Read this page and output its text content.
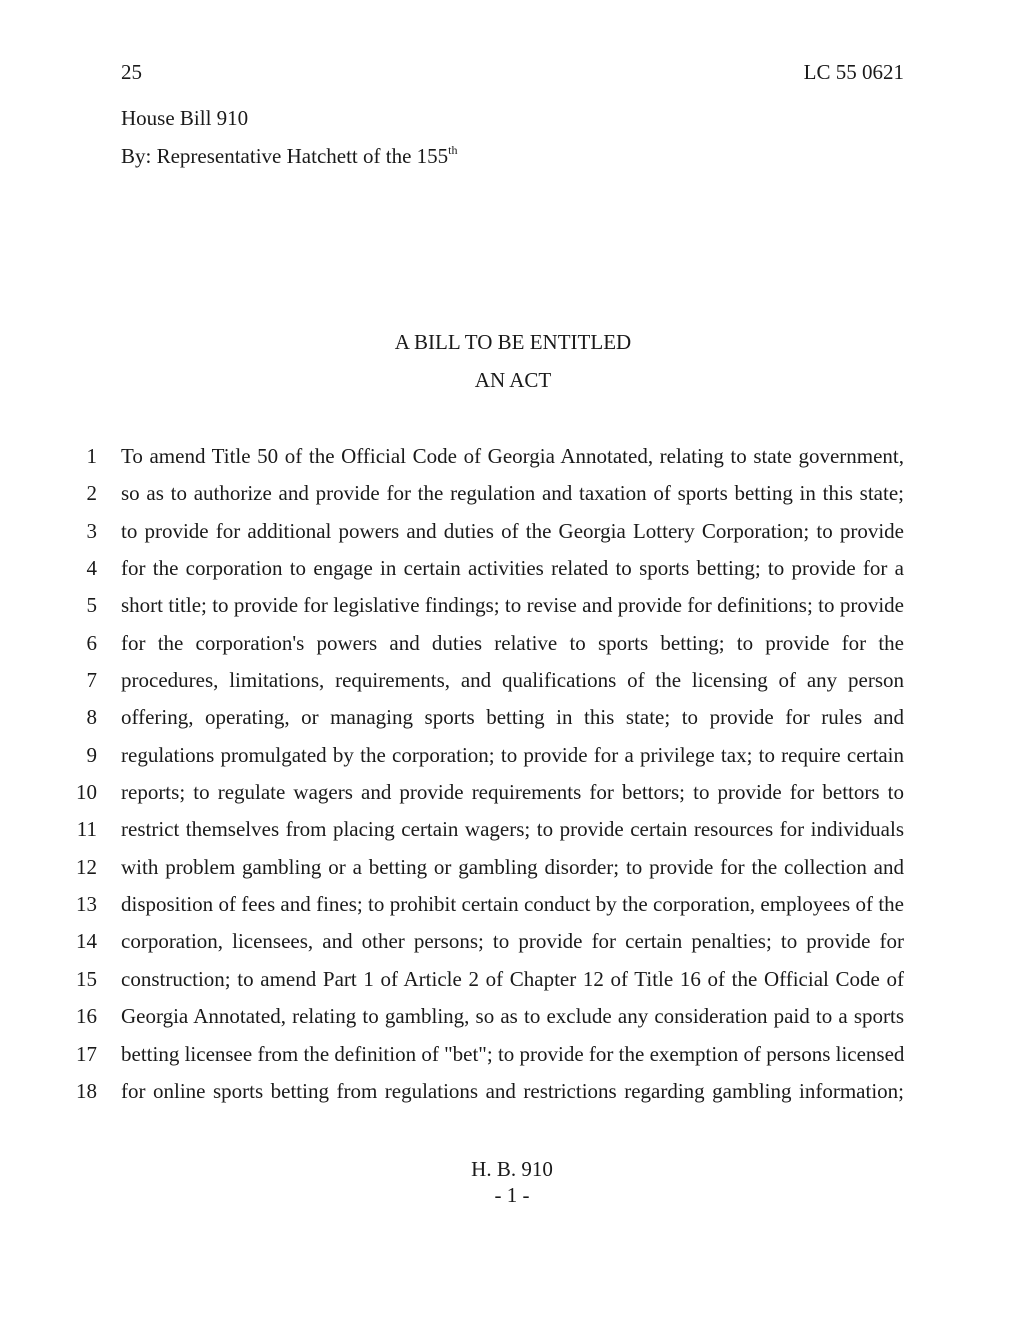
25	LC 55 0621
House Bill 910
By: Representative Hatchett of the 155th
A BILL TO BE ENTITLED
AN ACT
1 To amend Title 50 of the Official Code of Georgia Annotated, relating to state government,
2 so as to authorize and provide for the regulation and taxation of sports betting in this state;
3 to provide for additional powers and duties of the Georgia Lottery Corporation; to provide
4 for the corporation to engage in certain activities related to sports betting; to provide for a
5 short title; to provide for legislative findings; to revise and provide for definitions; to provide
6 for the corporation's powers and duties relative to sports betting; to provide for the
7 procedures, limitations, requirements, and qualifications of the licensing of any person
8 offering, operating, or managing sports betting in this state; to provide for rules and
9 regulations promulgated by the corporation; to provide for a privilege tax; to require certain
10 reports; to regulate wagers and provide requirements for bettors; to provide for bettors to
11 restrict themselves from placing certain wagers; to provide certain resources for individuals
12 with problem gambling or a betting or gambling disorder; to provide for the collection and
13 disposition of fees and fines; to prohibit certain conduct by the corporation, employees of the
14 corporation, licensees, and other persons; to provide for certain penalties; to provide for
15 construction; to amend Part 1 of Article 2 of Chapter 12 of Title 16 of the Official Code of
16 Georgia Annotated, relating to gambling, so as to exclude any consideration paid to a sports
17 betting licensee from the definition of "bet"; to provide for the exemption of persons licensed
18 for online sports betting from regulations and restrictions regarding gambling information;
H. B. 910
- 1 -
